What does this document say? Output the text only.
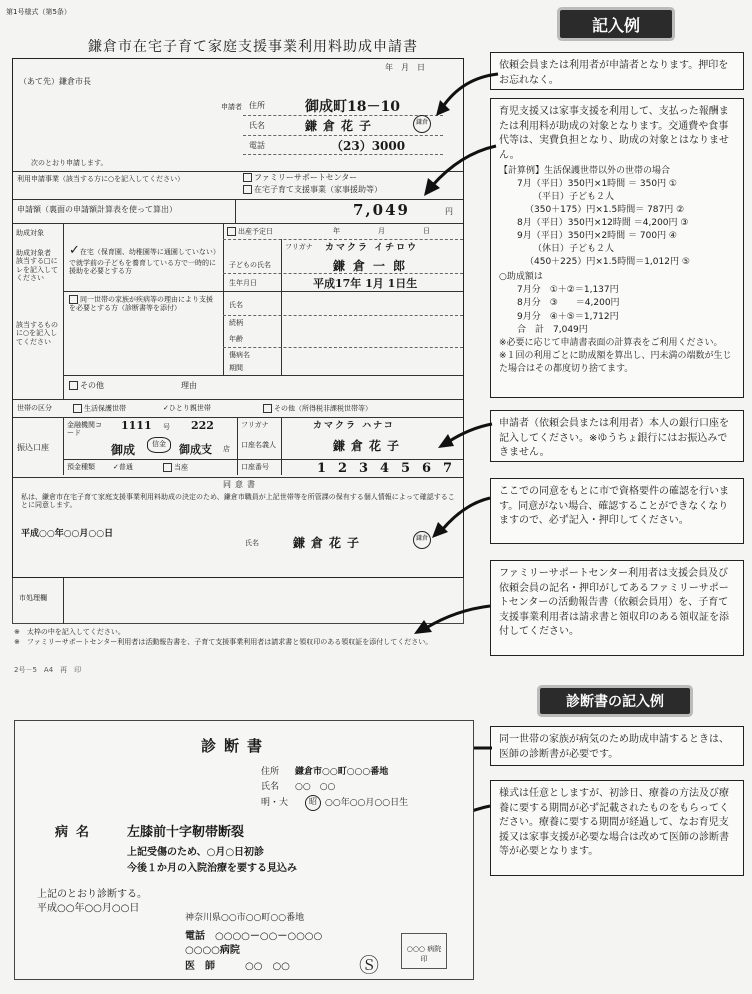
第1号様式（第5条）
鎌倉市在宅子育て家庭支援事業利用料助成申請書
年　月　日
（あて先）鎌倉市長
申請者 住所	御成町18－10
氏名	鎌倉花子	鎌倉
電話	（23）3000
次のとおり申請します。
利用申請事業（該当する方に○を記入してください）	ファミリーサポートセンター
在宅子育て支援事業（家事援助等）
申請額（裏面の申請額計算表を使って算出）	7,049	円
助成対象
助成対象者 該当する□にレを記入してください
該当するものに○を記入してください
✓在宅（保育園、幼稚園等に通園していない）で就学前の子どもを養育している方で一時的に援助を必要とする方
同一世帯の家族が疾病等の理由により支援を必要とする方（診断書等を添付）
その他	理由
出産予定日	年	月	日
フリガナ カマクラ イチロウ
子どもの氏名	鎌倉一郎
生年月日	平成17年 1月 1日生
氏名
続柄
年齢
傷病名
期間
世帯の区分	生活保護世帯	✓ひとり親世帯	その他（所得税非課税世帯等）
振込口座
金融機関コード
1111 号 222
御成	信金	御成支 店
フリガナ	カマクラ ハナコ
口座名義人	鎌倉花子
預金種類	✓普通	当座	口座番号	1 2 3 4 5 6 7
同意書
私は、鎌倉市在宅子育て家庭支援事業利用料助成の決定のため、鎌倉市職員が上記世帯等を所管課の保有する個人情報によって確認することに同意します。
平成○○年○○月○○日
氏名	鎌倉花子	鎌倉
市処理欄
※　太枠の中を記入してください。
※　ファミリーサポートセンター利用者は活動報告書を、子育て支援事業利用者は請求書と領収印のある領収証を添付してください。
2号－5　A4　再　印
記入例
依頼会員または利用者が申請者となります。押印をお忘れなく。
育児支援又は家事支援を利用して、支払った報酬または利用料が助成の対象となります。交通費や食事代等は、実費負担となり、助成の対象とはなりません。
【計算例】生活保護世帯以外の世帯の場合
7月（平日）350円×1時間 ＝ 350円 ①
（平日）子ども２人
（350＋175）円×1.5時間＝ 787円 ②
8月（平日）350円×12時間 ＝4,200円 ③
9月（平日）350円×2時間 ＝ 700円 ④
（休日）子ども２人
（450＋225）円×1.5時間＝1,012円 ⑤
○助成額は
7月分　①＋②＝1,137円
8月分　③　　＝4,200円
9月分　④＋⑤＝1,712円
合　計　7,049円
※必要に応じて申請書表面の計算表をご利用ください。
※１回の利用ごとに助成額を算出し、円未満の端数が生じた場合はその都度切り捨てます。
申請者（依頼会員または利用者）本人の銀行口座を記入してください。※ゆうちょ銀行にはお振込みできません。
ここでの同意をもとに市で資格要件の確認を行います。同意がない場合、確認することができなくなりますので、必ず記入・押印してください。
ファミリーサポートセンター利用者は支援会員及び依頼会員の記名・押印がしてあるファミリーサポートセンターの活動報告書（依頼会員用）を、子育て支援事業利用者は請求書と領収印のある領収証を添付してください。
診断書の記入例
同一世帯の家族が病気のため助成申請するときは、医師の診断書が必要です。
様式は任意としますが、初診日、療養の方法及び療養に要する期間が必ず記載されたものをもらってください。療養に要する期間が経過して、なお育児支援又は家事支援が必要な場合は改めて医師の診断書等が必要となります。
診断書
住所 鎌倉市○○町○○○番地
氏名 ○○　○○
明・大	昭 ○○年○○月○○日生
病名 左膝前十字靭帯断裂
上記受傷のため、○月○日初診
今後１か月の入院治療を要する見込み
上記のとおり診断する。
平成○○年○○月○○日
神奈川県○○市○○町○○番地
電話　○○○○－○○－○○○○
○○○○病院
医　師	○○　○○	Ⓢ
○○○ 病院印
